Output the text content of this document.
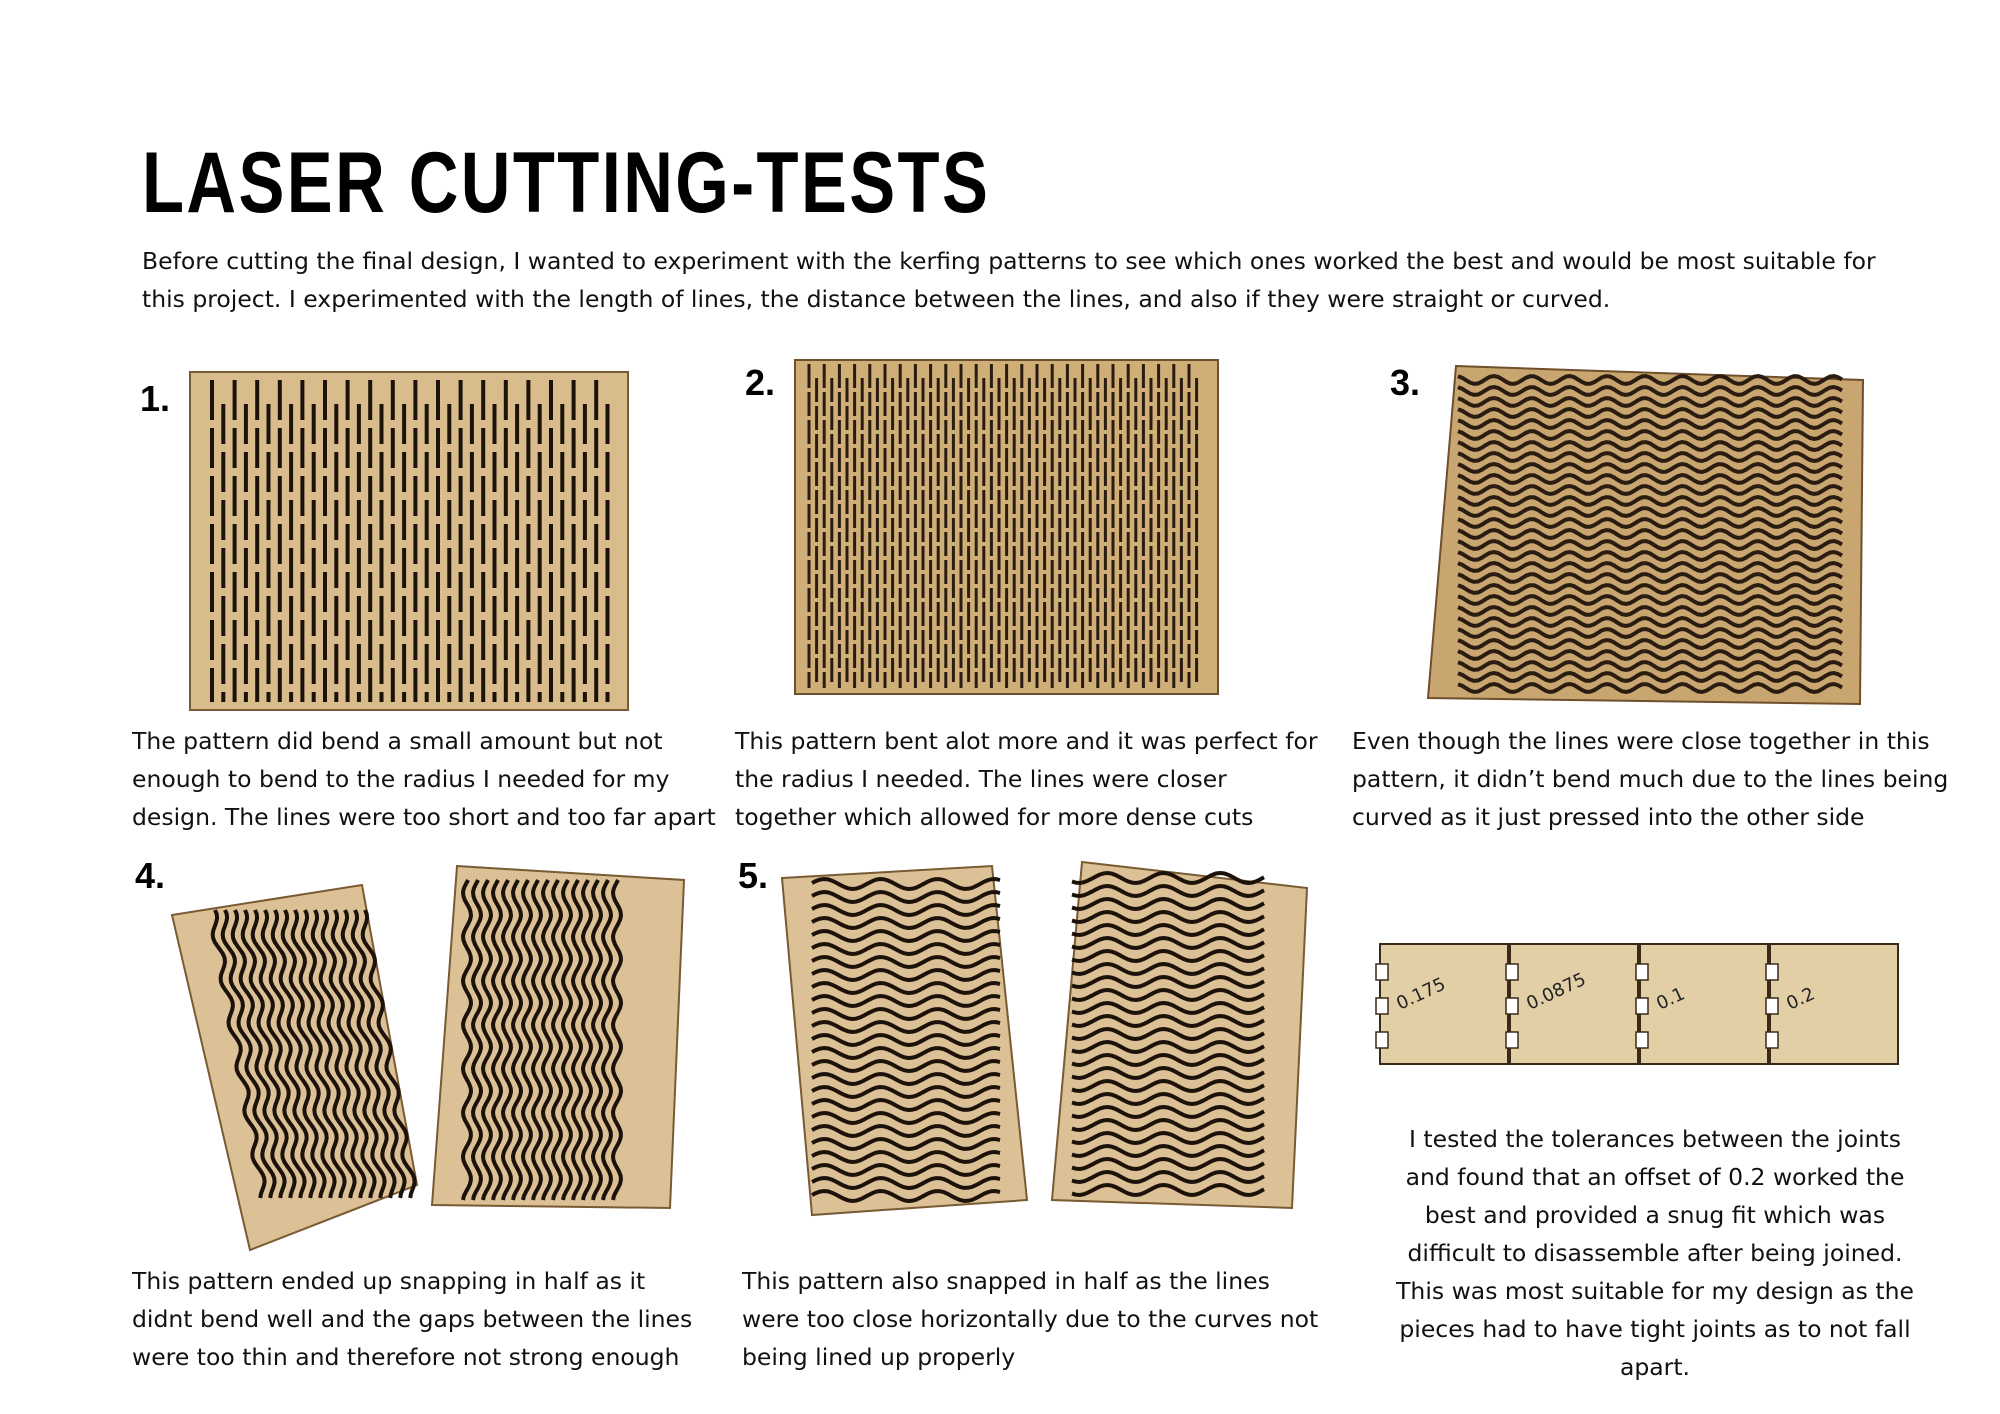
LASER CUTTING-TESTS

Before cutting the final design, I wanted to experiment with the kerfing patterns to see which ones worked the best and would be most suitable for this project. I experimented with the length of lines, the distance between the lines, and also if they were straight or curved.

1.

The pattern did bend a small amount but not enough to bend to the radius I needed for my design. The lines were too short and too far apart

2.

This pattern bent alot more and it was perfect for the radius I needed. The lines were closer together which allowed for more dense cuts

3.

Even though the lines were close together in this pattern, it didn’t bend much due to the lines being curved as it just pressed into the other side

4.

This pattern ended up snapping in half as it didnt bend well and the gaps between the lines were too thin and therefore not strong enough

5.

This pattern also snapped in half as the lines were too close horizontally due to the curves not being lined up properly

0.175	0.0875	0.1	0.2

I tested the tolerances between the joints and found that an offset of 0.2 worked the best and provided a snug fit which was difficult to disassemble after being joined. This was most suitable for my design as the pieces had to have tight joints as to not fall apart.
